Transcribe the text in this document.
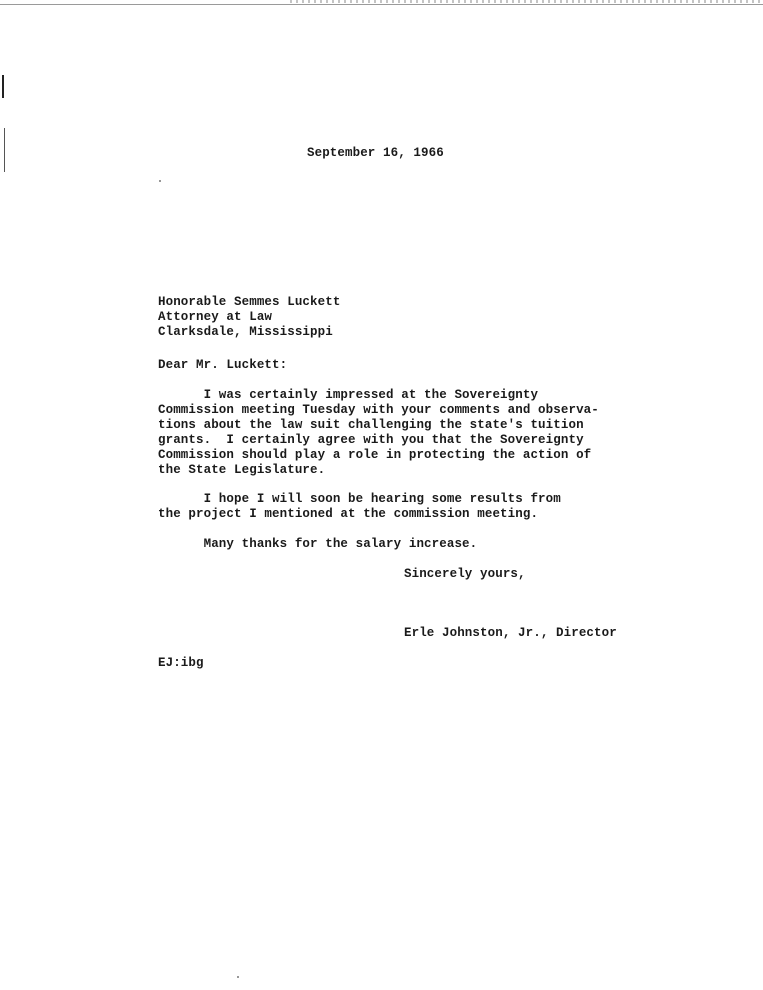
September 16, 1966
Honorable Semmes Luckett
Attorney at Law
Clarksdale, Mississippi
Dear Mr. Luckett:
I was certainly impressed at the Sovereignty
Commission meeting Tuesday with your comments and observa-
tions about the law suit challenging the state's tuition
grants.  I certainly agree with you that the Sovereignty
Commission should play a role in protecting the action of
the State Legislature.
I hope I will soon be hearing some results from
the project I mentioned at the commission meeting.
Many thanks for the salary increase.
Sincerely yours,
Erle Johnston, Jr., Director
EJ:ibg
